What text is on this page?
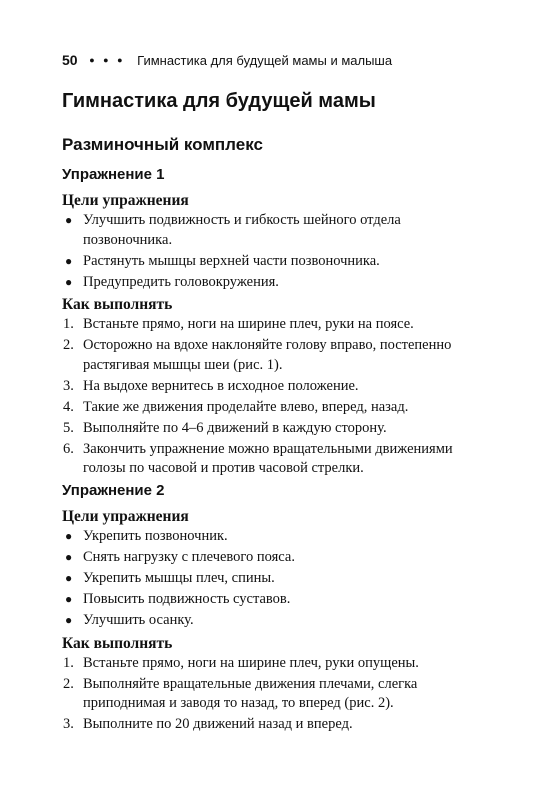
50 ● ● ● Гимнастика для будущей мамы и малыша
Гимнастика для будущей мамы
Разминочный комплекс
Упражнение 1
Цели упражнения
●
Улучшить подвижность и гибкость шейного отдела позвоночника.
●
Растянуть мышцы верхней части позвоночника.
●
Предупредить головокружения.
Как выполнять
1. Встаньте прямо, ноги на ширине плеч, руки на поясе.
2. Осторожно на вдохе наклоняйте голову вправо, постепенно растягивая мышцы шеи (рис. 1).
3. На выдохе вернитесь в исходное положение.
4. Такие же движения проделайте влево, вперед, назад.
5. Выполняйте по 4–6 движений в каждую сторону.
6. Закончить упражнение можно вращательными движениями голозы по часовой и против часовой стрелки.
Упражнение 2
Цели упражнения
●
Укрепить позвоночник.
●
Снять нагрузку с плечевого пояса.
●
Укрепить мышцы плеч, спины.
●
Повысить подвижность суставов.
●
Улучшить осанку.
Как выполнять
1. Встаньте прямо, ноги на ширине плеч, руки опущены.
2. Выполняйте вращательные движения плечами, слегка приподнимая и заводя то назад, то вперед (рис. 2).
3. Выполните по 20 движений назад и вперед.
